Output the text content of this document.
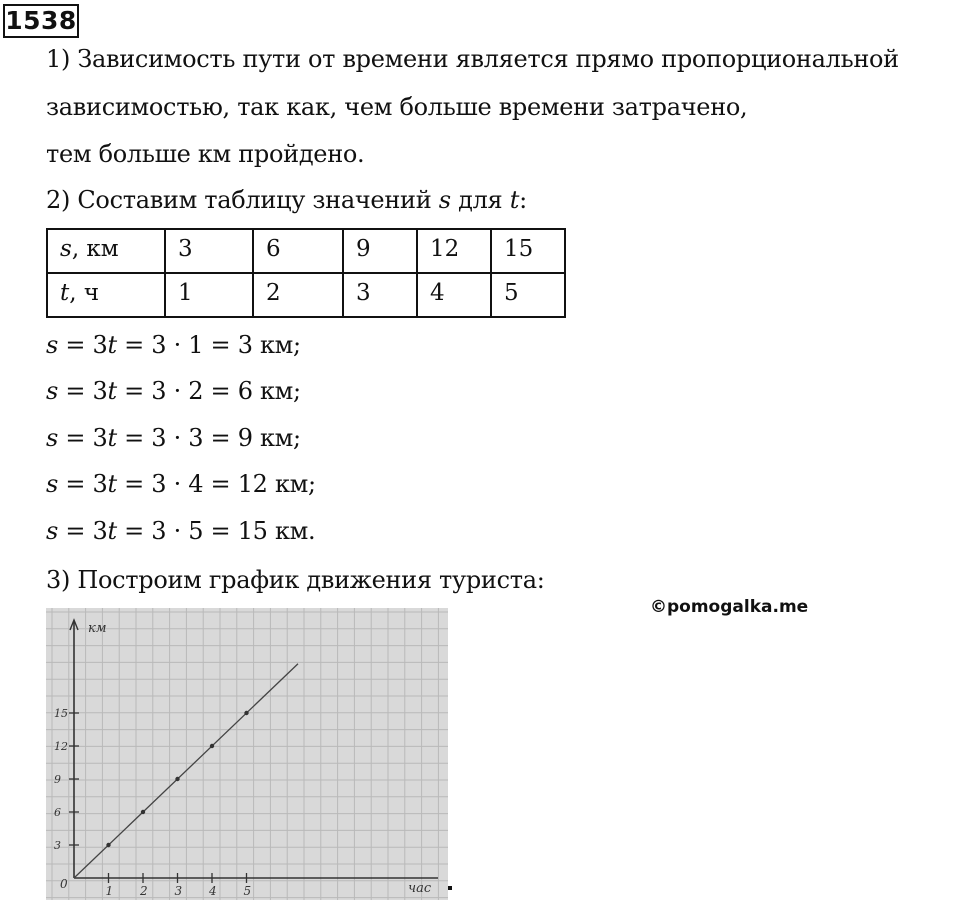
1538
1) Зависимость пути от времени является прямо пропорциональной
зависимостью, так как, чем больше времени затрачено,
тем больше км пройдено.
2) Составим таблицу значений s для t:
s, км	3	6	9	12	15
t, ч	1	2	3	4	5
s = 3t = 3 · 1 = 3 км;
s = 3t = 3 · 2 = 6 км;
s = 3t = 3 · 3 = 9 км;
s = 3t = 3 · 4 = 12 км;
s = 3t = 3 · 5 = 15 км.
3) Построим график движения туриста:
©pomogalka.me
км
час
0	1 2 3 4 5
3
6
9
12
15
